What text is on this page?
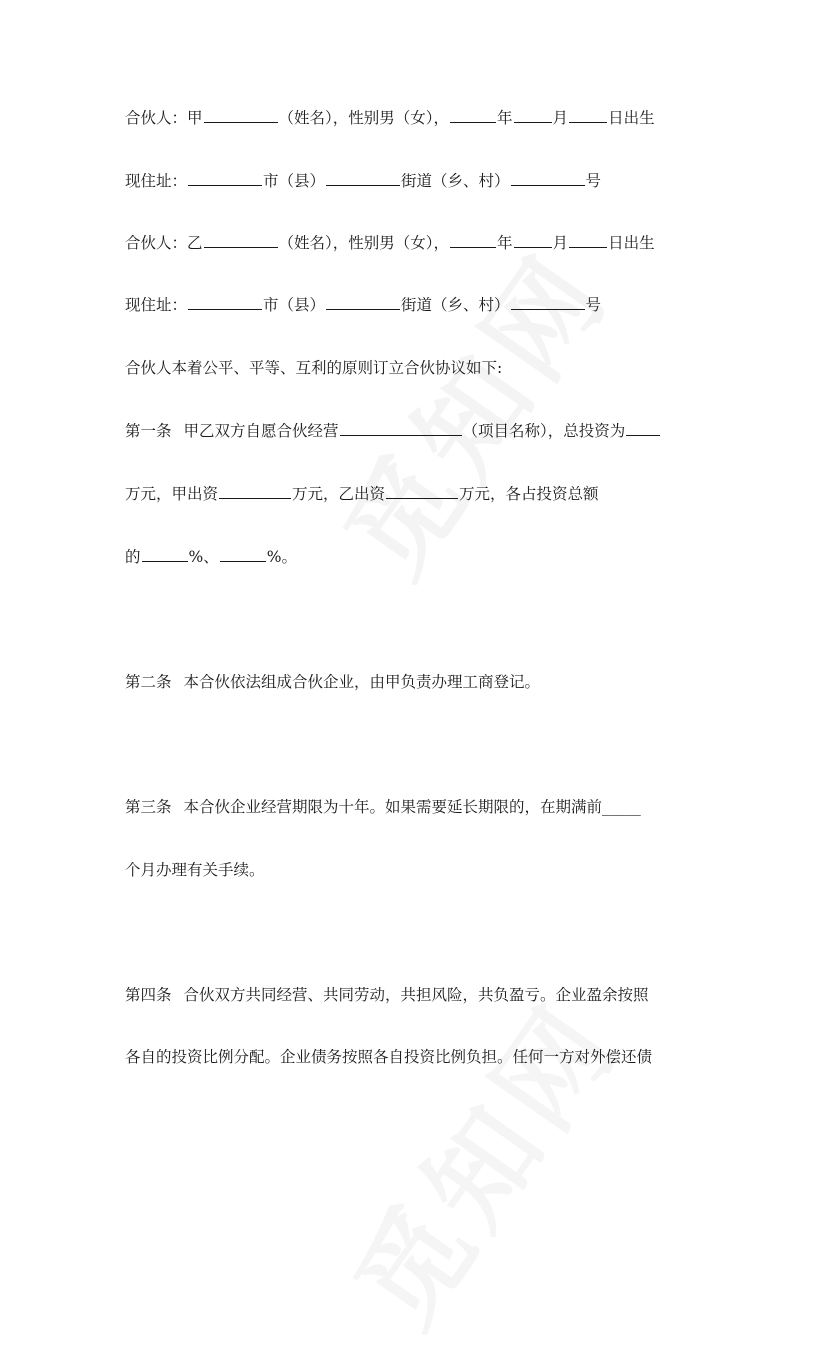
合伙人：甲	（姓名），性别男（女），	年	月	日出生
现住址：	市（县）	街道（乡、村）	号
合伙人：乙	（姓名），性别男（女），	年	月	日出生
现住址：	市（县）	街道（乡、村）	号
合伙人本着公平、平等、互利的原则订立合伙协议如下:
第一条 甲乙双方自愿合伙经营	（项目名称），总投资为
万元，甲出资	万元，乙出资	万元，各占投资总额
的	%、	%。
第二条 本合伙依法组成合伙企业，由甲负责办理工商登记。
第三条 本合伙企业经营期限为十年。如果需要延长期限的，在期满前_____
个月办理有关手续。
第四条 合伙双方共同经营、共同劳动，共担风险，共负盈亏。企业盈余按照
各自的投资比例分配。企业债务按照各自投资比例负担。任何一方对外偿还债
